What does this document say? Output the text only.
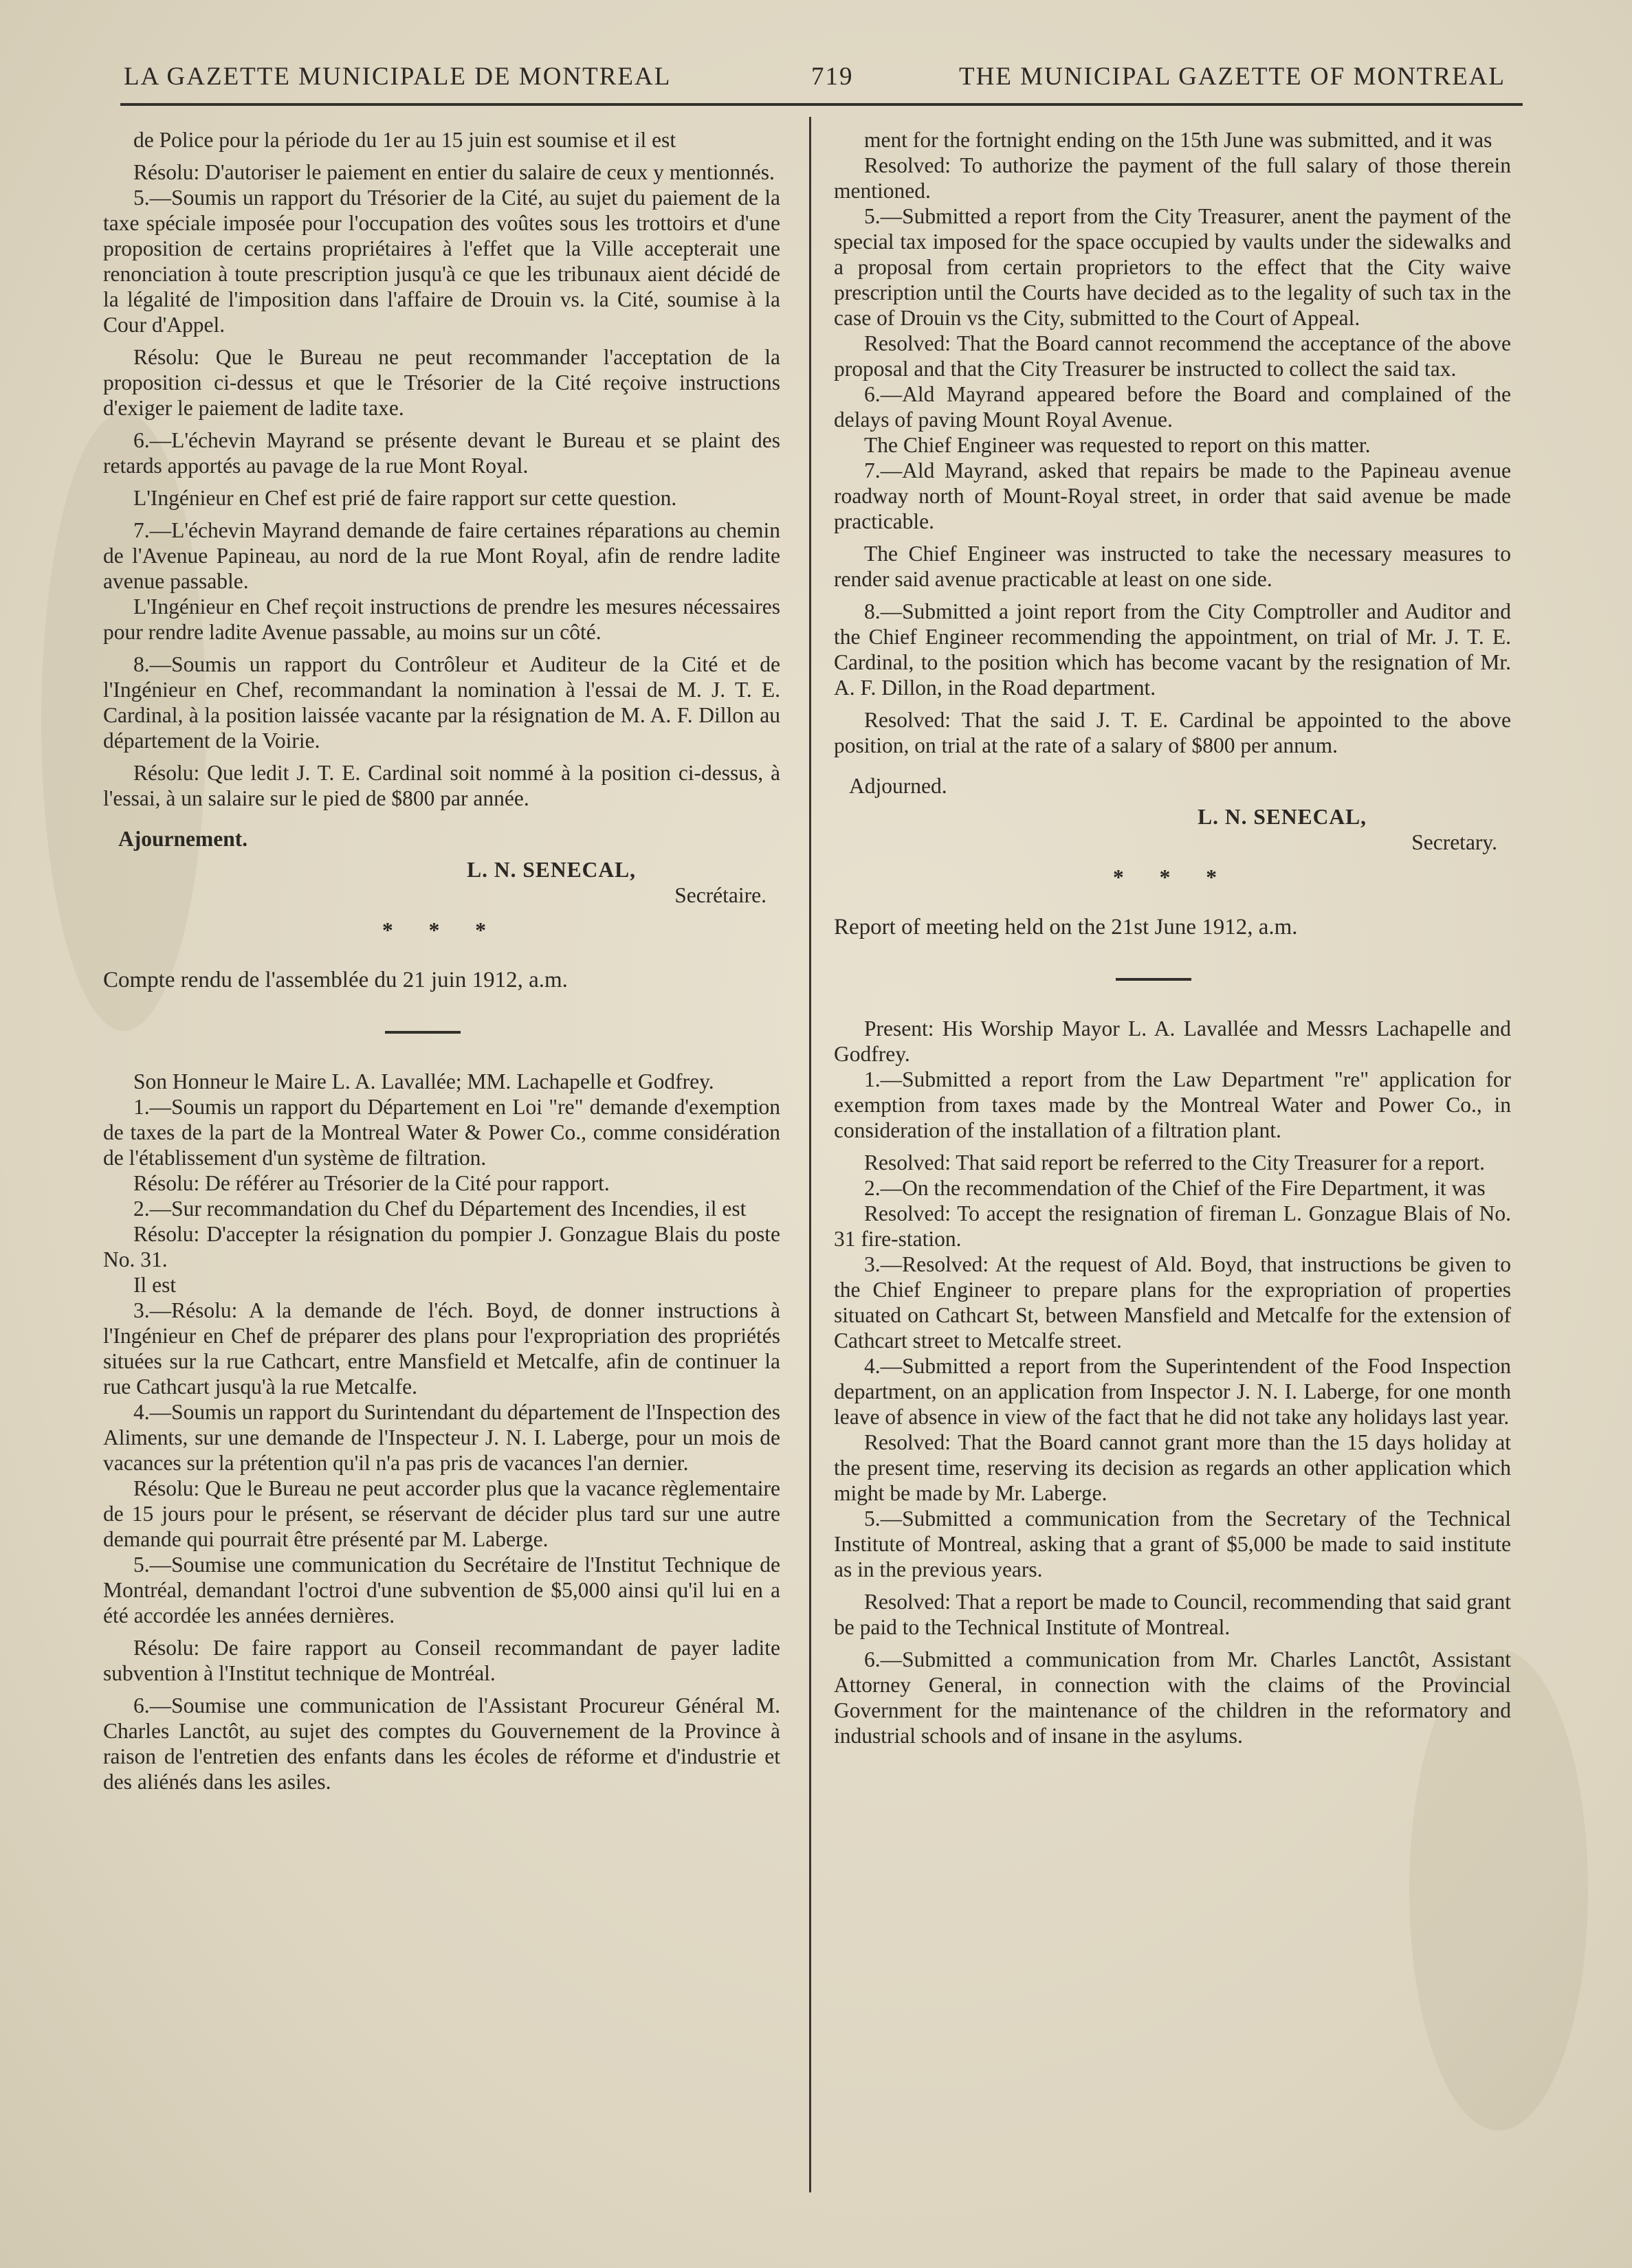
LA GAZETTE MUNICIPALE DE MONTREAL	719	THE MUNICIPAL GAZETTE OF MONTREAL

de Police pour la période du 1er au 15 juin est soumise et il est

Résolu: D'autoriser le paiement en entier du salaire de ceux y mentionnés.

5.—Soumis un rapport du Trésorier de la Cité, au sujet du paiement de la taxe spéciale imposée pour l'occupation des voûtes sous les trottoirs et d'une proposition de certains propriétaires à l'effet que la Ville accepterait une renonciation à toute prescription jusqu'à ce que les tribunaux aient décidé de la légalité de l'imposition dans l'affaire de Drouin vs. la Cité, soumise à la Cour d'Appel.

Résolu: Que le Bureau ne peut recommander l'acceptation de la proposition ci-dessus et que le Trésorier de la Cité reçoive instructions d'exiger le paiement de ladite taxe.

6.—L'échevin Mayrand se présente devant le Bureau et se plaint des retards apportés au pavage de la rue Mont Royal.

L'Ingénieur en Chef est prié de faire rapport sur cette question.

7.—L'échevin Mayrand demande de faire certaines réparations au chemin de l'Avenue Papineau, au nord de la rue Mont Royal, afin de rendre ladite avenue passable.

L'Ingénieur en Chef reçoit instructions de prendre les mesures nécessaires pour rendre ladite Avenue passable, au moins sur un côté.

8.—Soumis un rapport du Contrôleur et Auditeur de la Cité et de l'Ingénieur en Chef, recommandant la nomination à l'essai de M. J. T. E. Cardinal, à la position laissée vacante par la résignation de M. A. F. Dillon au département de la Voirie.

Résolu: Que ledit J. T. E. Cardinal soit nommé à la position ci-dessus, à l'essai, à un salaire sur le pied de $800 par année.

Ajournement.

L. N. SENECAL,
Secrétaire.
* * *

Compte rendu de l'assemblée du 21 juin 1912, a.m.

Son Honneur le Maire L. A. Lavallée; MM. Lachapelle et Godfrey.

1.—Soumis un rapport du Département en Loi "re" demande d'exemption de taxes de la part de la Montreal Water & Power Co., comme considération de l'établissement d'un système de filtration.

Résolu: De référer au Trésorier de la Cité pour rapport.

2.—Sur recommandation du Chef du Département des Incendies, il est

Résolu: D'accepter la résignation du pompier J. Gonzague Blais du poste No. 31.

Il est

3.—Résolu: A la demande de l'éch. Boyd, de donner instructions à l'Ingénieur en Chef de préparer des plans pour l'expropriation des propriétés situées sur la rue Cathcart, entre Mansfield et Metcalfe, afin de continuer la rue Cathcart jusqu'à la rue Metcalfe.

4.—Soumis un rapport du Surintendant du département de l'Inspection des Aliments, sur une demande de l'Inspecteur J. N. I. Laberge, pour un mois de vacances sur la prétention qu'il n'a pas pris de vacances l'an dernier.

Résolu: Que le Bureau ne peut accorder plus que la vacance règlementaire de 15 jours pour le présent, se réservant de décider plus tard sur une autre demande qui pourrait être présenté par M. Laberge.

5.—Soumise une communication du Secrétaire de l'Institut Technique de Montréal, demandant l'octroi d'une subvention de $5,000 ainsi qu'il lui en a été accordée les années dernières.

Résolu: De faire rapport au Conseil recommandant de payer ladite subvention à l'Institut technique de Montréal.

6.—Soumise une communication de l'Assistant Procureur Général M. Charles Lanctôt, au sujet des comptes du Gouvernement de la Province à raison de l'entretien des enfants dans les écoles de réforme et d'industrie et des aliénés dans les asiles.

ment for the fortnight ending on the 15th June was submitted, and it was

Resolved: To authorize the payment of the full salary of those therein mentioned.

5.—Submitted a report from the City Treasurer, anent the payment of the special tax imposed for the space occupied by vaults under the sidewalks and a proposal from certain proprietors to the effect that the City waive prescription until the Courts have decided as to the legality of such tax in the case of Drouin vs the City, submitted to the Court of Appeal.

Resolved: That the Board cannot recommend the acceptance of the above proposal and that the City Treasurer be instructed to collect the said tax.

6.—Ald Mayrand appeared before the Board and complained of the delays of paving Mount Royal Avenue.

The Chief Engineer was requested to report on this matter.

7.—Ald Mayrand, asked that repairs be made to the Papineau avenue roadway north of Mount-Royal street, in order that said avenue be made practicable.

The Chief Engineer was instructed to take the necessary measures to render said avenue practicable at least on one side.

8.—Submitted a joint report from the City Comptroller and Auditor and the Chief Engineer recommending the appointment, on trial of Mr. J. T. E. Cardinal, to the position which has become vacant by the resignation of Mr. A. F. Dillon, in the Road department.

Resolved: That the said J. T. E. Cardinal be appointed to the above position, on trial at the rate of a salary of $800 per annum.

Adjourned.

L. N. SENECAL,
Secretary.
* * *

Report of meeting held on the 21st June 1912, a.m.

Present: His Worship Mayor L. A. Lavallée and Messrs Lachapelle and Godfrey.

1.—Submitted a report from the Law Department "re" application for exemption from taxes made by the Montreal Water and Power Co., in consideration of the installation of a filtration plant.

Resolved: That said report be referred to the City Treasurer for a report.

2.—On the recommendation of the Chief of the Fire Department, it was

Resolved: To accept the resignation of fireman L. Gonzague Blais of No. 31 fire-station.

3.—Resolved: At the request of Ald. Boyd, that instructions be given to the Chief Engineer to prepare plans for the expropriation of properties situated on Cathcart St, between Mansfield and Metcalfe for the extension of Cathcart street to Metcalfe street.

4.—Submitted a report from the Superintendent of the Food Inspection department, on an application from Inspector J. N. I. Laberge, for one month leave of absence in view of the fact that he did not take any holidays last year.

Resolved: That the Board cannot grant more than the 15 days holiday at the present time, reserving its decision as regards an other application which might be made by Mr. Laberge.

5.—Submitted a communication from the Secretary of the Technical Institute of Montreal, asking that a grant of $5,000 be made to said institute as in the previous years.

Resolved: That a report be made to Council, recommending that said grant be paid to the Technical Institute of Montreal.

6.—Submitted a communication from Mr. Charles Lanctôt, Assistant Attorney General, in connection with the claims of the Provincial Government for the maintenance of the children in the reformatory and industrial schools and of insane in the asylums.
